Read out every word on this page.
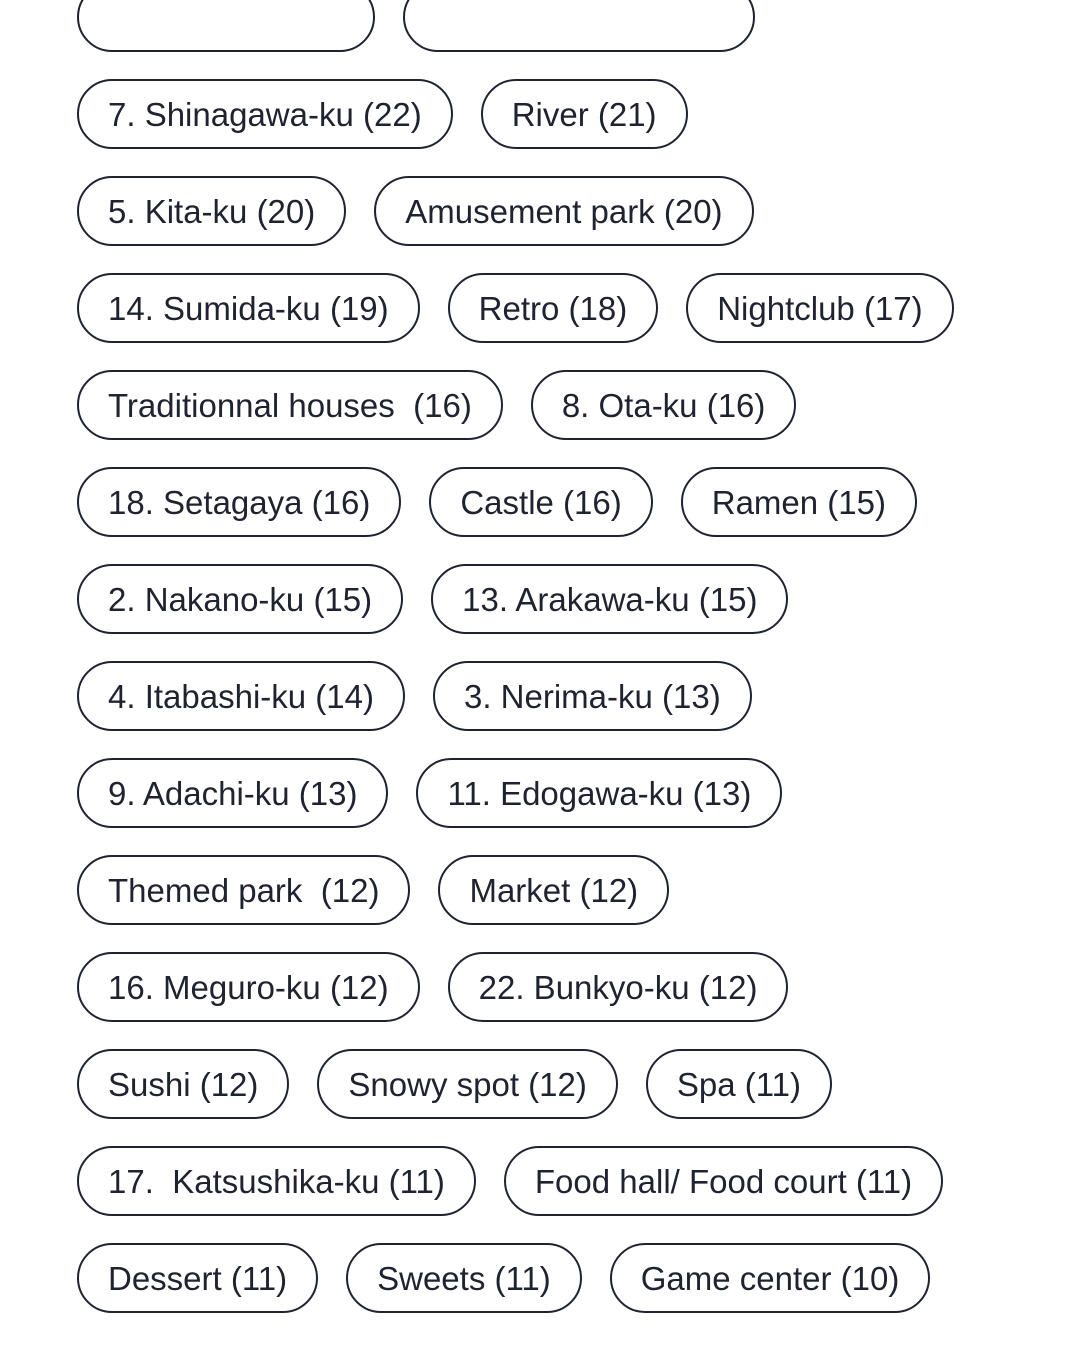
7. Shinagawa-ku (22)	River (21)
5. Kita-ku (20)	Amusement park (20)
14. Sumida-ku (19)	Retro (18)	Nightclub (17)
Traditionnal houses  (16)	8. Ota-ku (16)
18. Setagaya (16)	Castle (16)	Ramen (15)
2. Nakano-ku (15)	13. Arakawa-ku (15)
4. Itabashi-ku (14)	3. Nerima-ku (13)
9. Adachi-ku (13)	11. Edogawa-ku (13)
Themed park  (12)	Market (12)
16. Meguro-ku (12)	22. Bunkyo-ku (12)
Sushi (12)	Snowy spot (12)	Spa (11)
17.  Katsushika-ku (11)	Food hall/ Food court (11)
Dessert (11)	Sweets (11)	Game center (10)
